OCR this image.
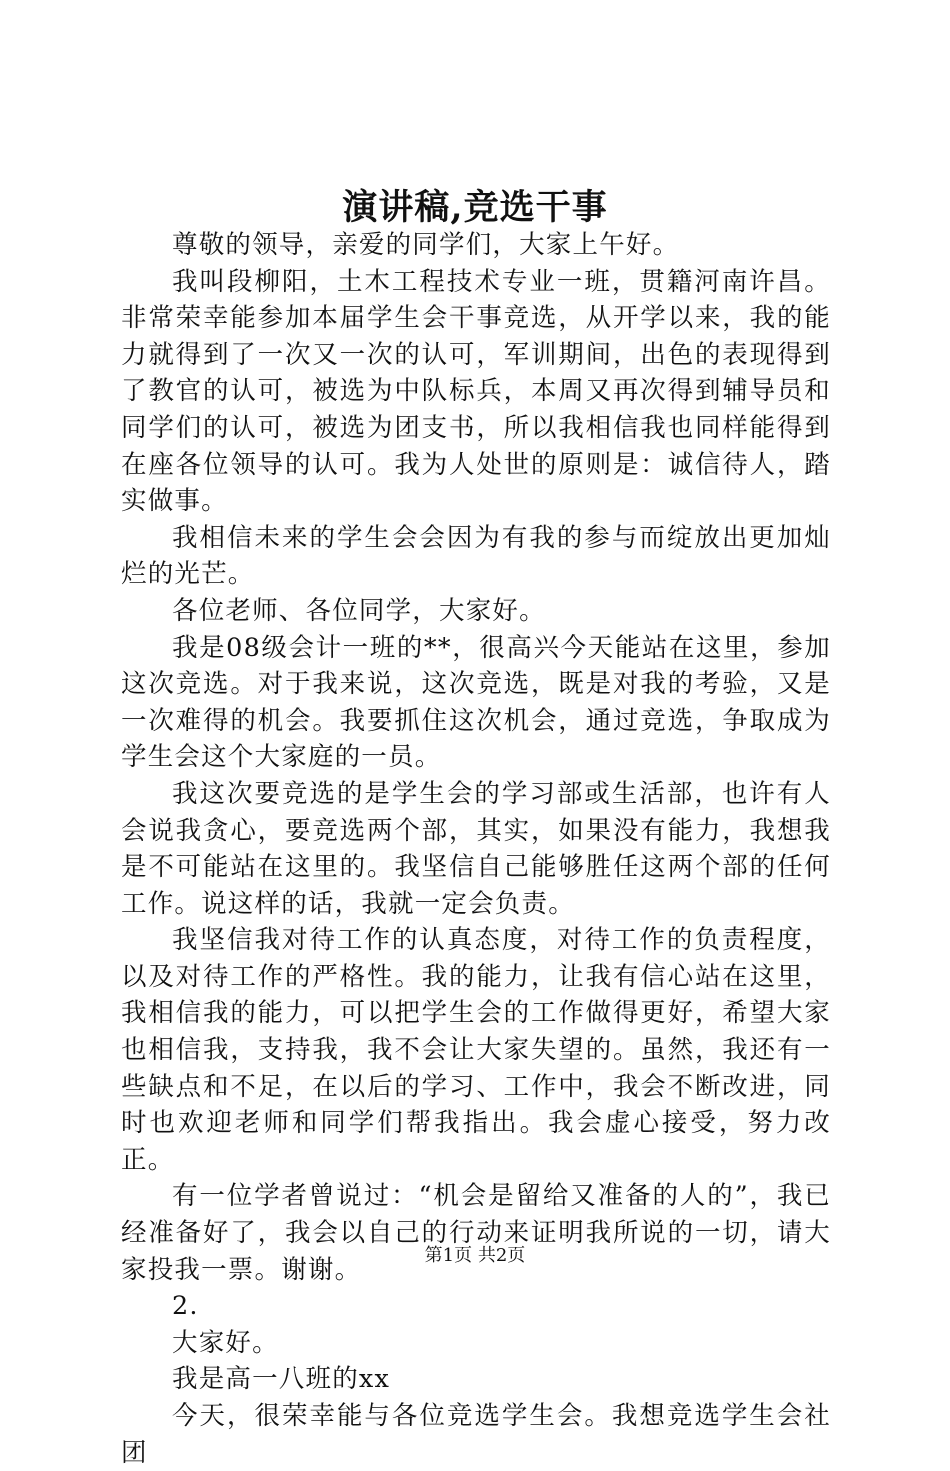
演讲稿,竞选干事

尊敬的领导，亲爱的同学们，大家上午好。

我叫段柳阳，土木工程技术专业一班，贯籍河南许昌。非常荣幸能参加本届学生会干事竞选，从开学以来，我的能力就得到了一次又一次的认可，军训期间，出色的表现得到了教官的认可，被选为中队标兵，本周又再次得到辅导员和同学们的认可，被选为团支书，所以我相信我也同样能得到在座各位领导的认可。我为人处世的原则是：诚信待人，踏实做事。

我相信未来的学生会会因为有我的参与而绽放出更加灿烂的光芒。

各位老师、各位同学，大家好。

我是08级会计一班的**，很高兴今天能站在这里，参加这次竞选。对于我来说，这次竞选，既是对我的考验，又是一次难得的机会。我要抓住这次机会，通过竞选，争取成为学生会这个大家庭的一员。

我这次要竞选的是学生会的学习部或生活部，也许有人会说我贪心，要竞选两个部，其实，如果没有能力，我想我是不可能站在这里的。我坚信自己能够胜任这两个部的任何工作。说这样的话，我就一定会负责。

我坚信我对待工作的认真态度，对待工作的负责程度，以及对待工作的严格性。我的能力，让我有信心站在这里，我相信我的能力，可以把学生会的工作做得更好，希望大家也相信我，支持我，我不会让大家失望的。虽然，我还有一些缺点和不足，在以后的学习、工作中，我会不断改进，同时也欢迎老师和同学们帮我指出。我会虚心接受，努力改正。

有一位学者曾说过：“机会是留给又准备的人的”，我已经准备好了，我会以自己的行动来证明我所说的一切，请大家投我一票。谢谢。

2.

大家好。

我是高一八班的xx

今天，很荣幸能与各位竞选学生会。我想竞选学生会社团

第1页 共2页
